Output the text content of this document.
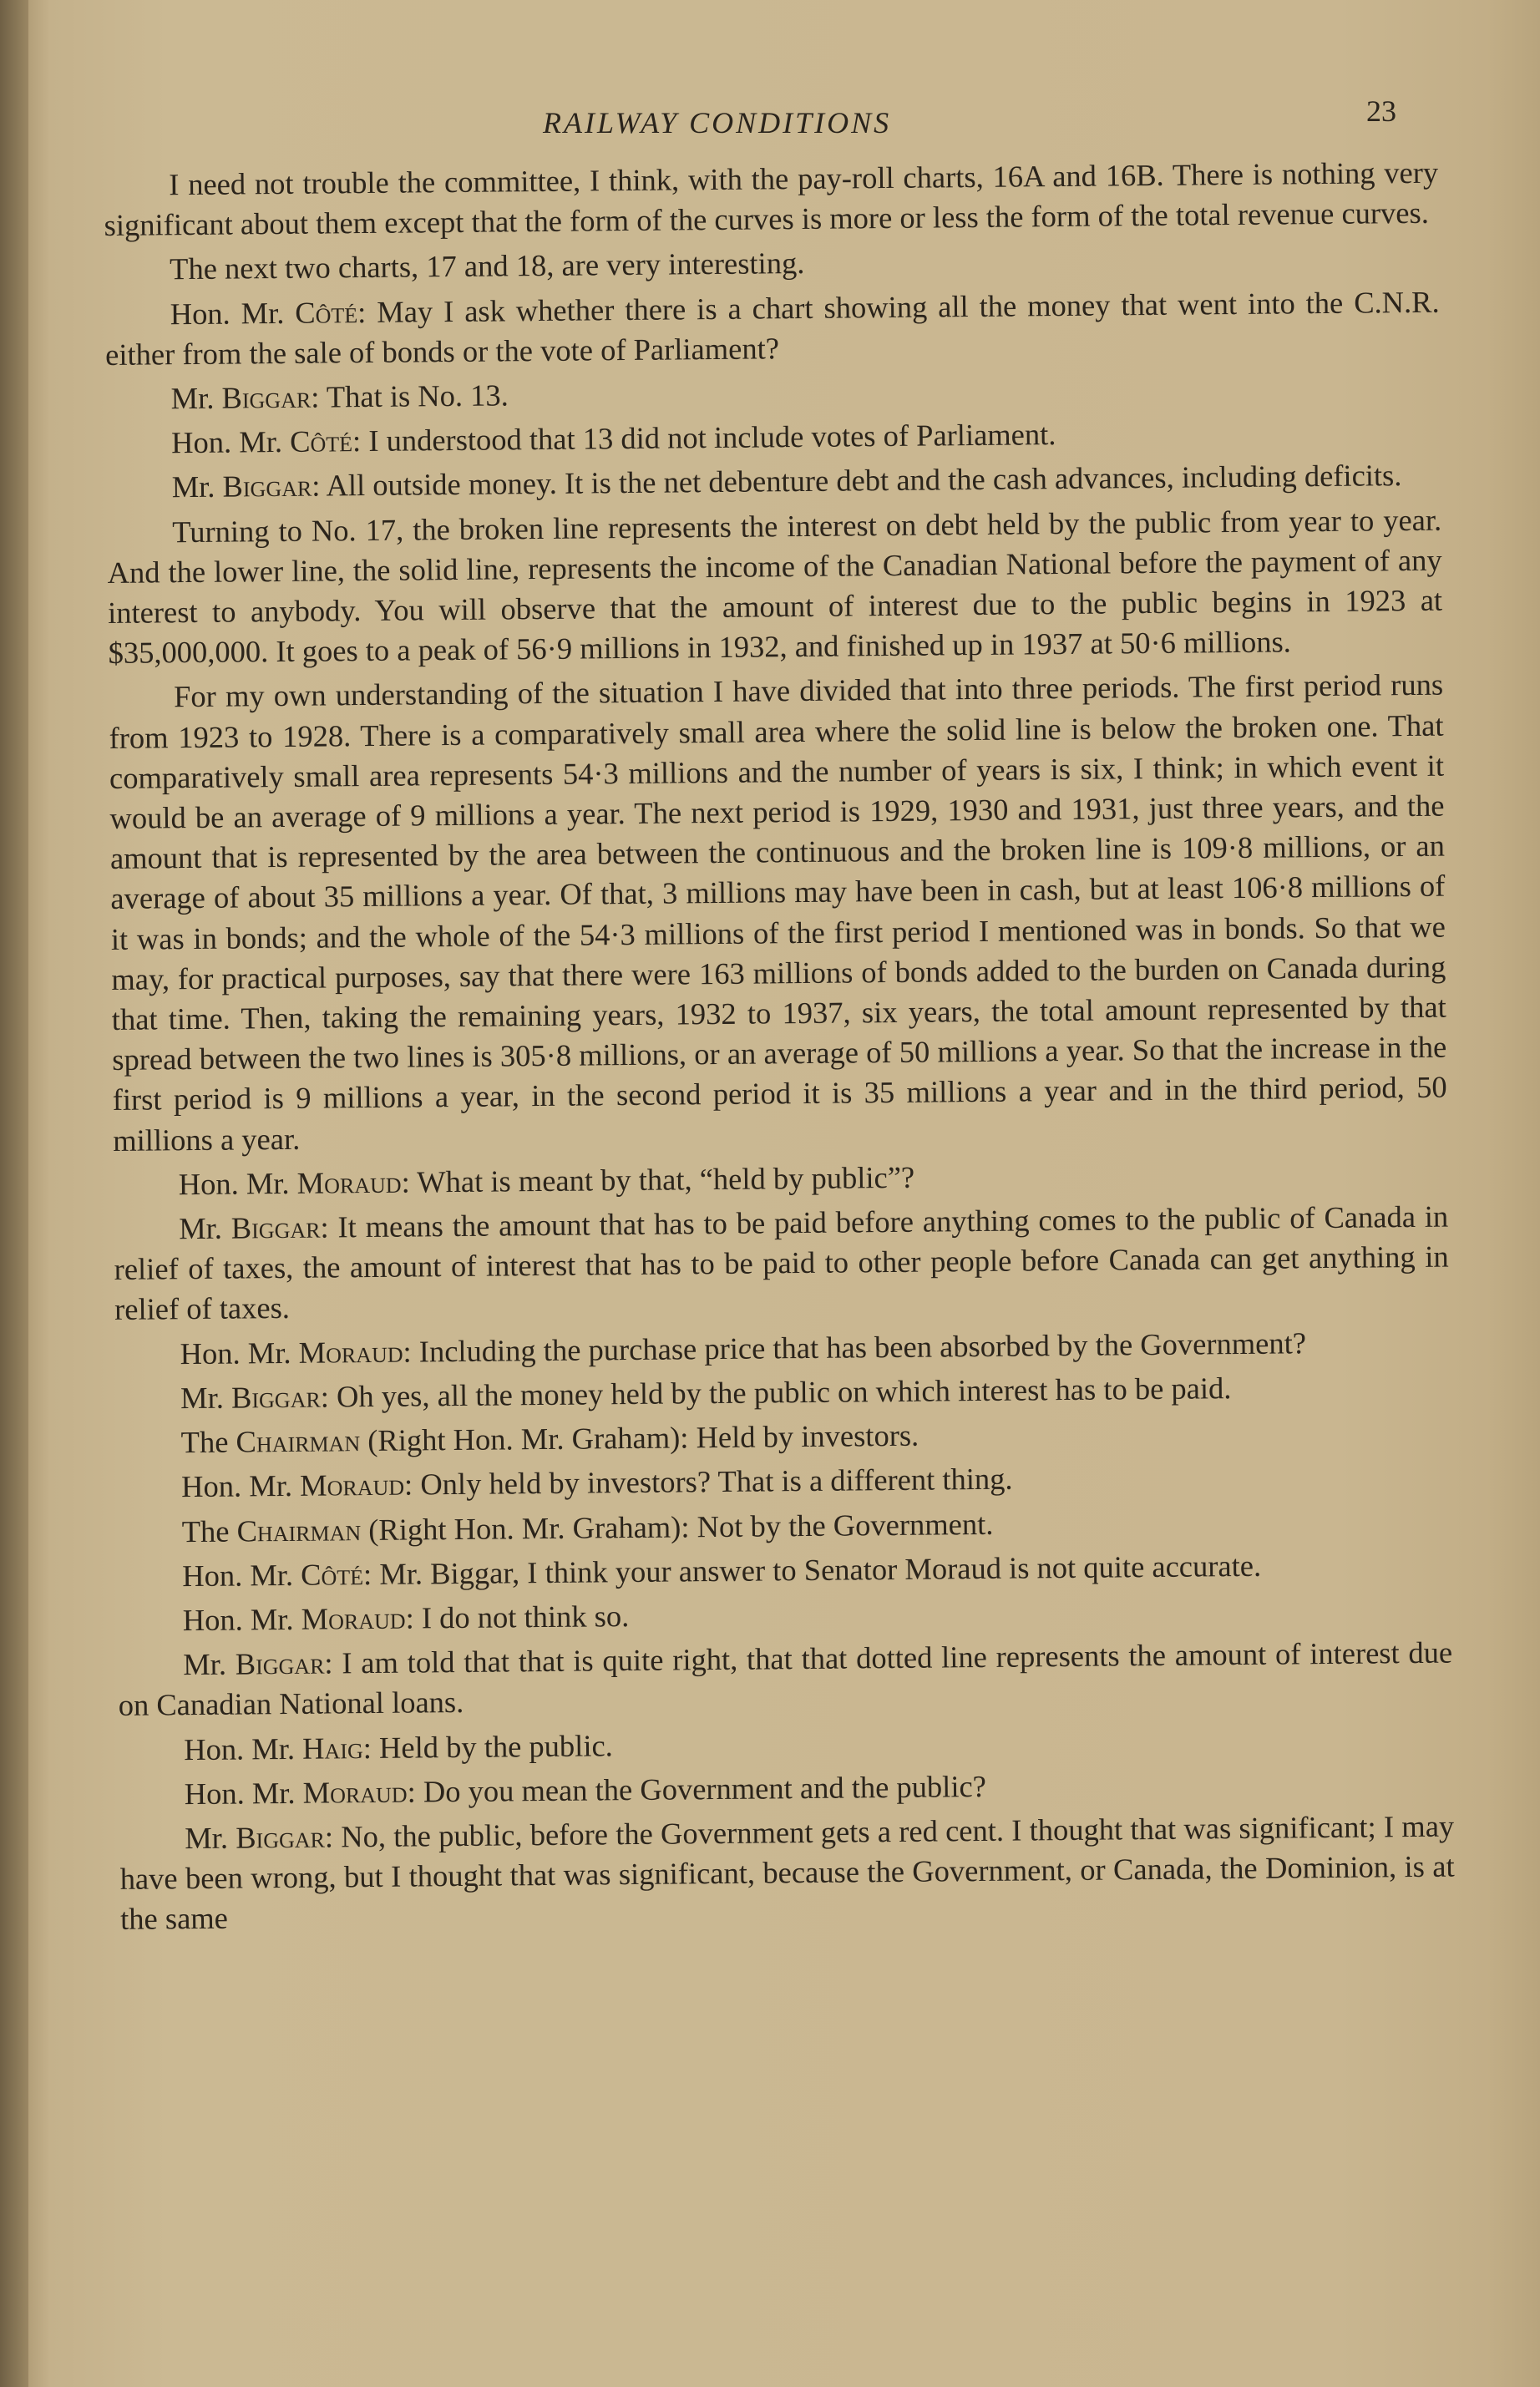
RAILWAY CONDITIONS	23

I need not trouble the committee, I think, with the pay-roll charts, 16A and 16B. There is nothing very significant about them except that the form of the curves is more or less the form of the total revenue curves.

The next two charts, 17 and 18, are very interesting.

Hon. Mr. Côté: May I ask whether there is a chart showing all the money that went into the C.N.R. either from the sale of bonds or the vote of Parliament?

Mr. Biggar: That is No. 13.

Hon. Mr. Côté: I understood that 13 did not include votes of Parliament.

Mr. Biggar: All outside money. It is the net debenture debt and the cash advances, including deficits.

Turning to No. 17, the broken line represents the interest on debt held by the public from year to year. And the lower line, the solid line, represents the income of the Canadian National before the payment of any interest to anybody. You will observe that the amount of interest due to the public begins in 1923 at $35,000,000. It goes to a peak of 56·9 millions in 1932, and finished up in 1937 at 50·6 millions.

For my own understanding of the situation I have divided that into three periods. The first period runs from 1923 to 1928. There is a comparatively small area where the solid line is below the broken one. That comparatively small area represents 54·3 millions and the number of years is six, I think; in which event it would be an average of 9 millions a year. The next period is 1929, 1930 and 1931, just three years, and the amount that is represented by the area between the continuous and the broken line is 109·8 millions, or an average of about 35 millions a year. Of that, 3 millions may have been in cash, but at least 106·8 millions of it was in bonds; and the whole of the 54·3 millions of the first period I mentioned was in bonds. So that we may, for practical purposes, say that there were 163 millions of bonds added to the burden on Canada during that time. Then, taking the remaining years, 1932 to 1937, six years, the total amount represented by that spread between the two lines is 305·8 millions, or an average of 50 millions a year. So that the increase in the first period is 9 millions a year, in the second period it is 35 millions a year and in the third period, 50 millions a year.

Hon. Mr. Moraud: What is meant by that, “held by public”?

Mr. Biggar: It means the amount that has to be paid before anything comes to the public of Canada in relief of taxes, the amount of interest that has to be paid to other people before Canada can get anything in relief of taxes.

Hon. Mr. Moraud: Including the purchase price that has been absorbed by the Government?

Mr. Biggar: Oh yes, all the money held by the public on which interest has to be paid.

The Chairman (Right Hon. Mr. Graham): Held by investors.

Hon. Mr. Moraud: Only held by investors? That is a different thing.

The Chairman (Right Hon. Mr. Graham): Not by the Government.

Hon. Mr. Côté: Mr. Biggar, I think your answer to Senator Moraud is not quite accurate.

Hon. Mr. Moraud: I do not think so.

Mr. Biggar: I am told that that is quite right, that that dotted line represents the amount of interest due on Canadian National loans.

Hon. Mr. Haig: Held by the public.

Hon. Mr. Moraud: Do you mean the Government and the public?

Mr. Biggar: No, the public, before the Government gets a red cent. I thought that was significant; I may have been wrong, but I thought that was significant, because the Government, or Canada, the Dominion, is at the same
